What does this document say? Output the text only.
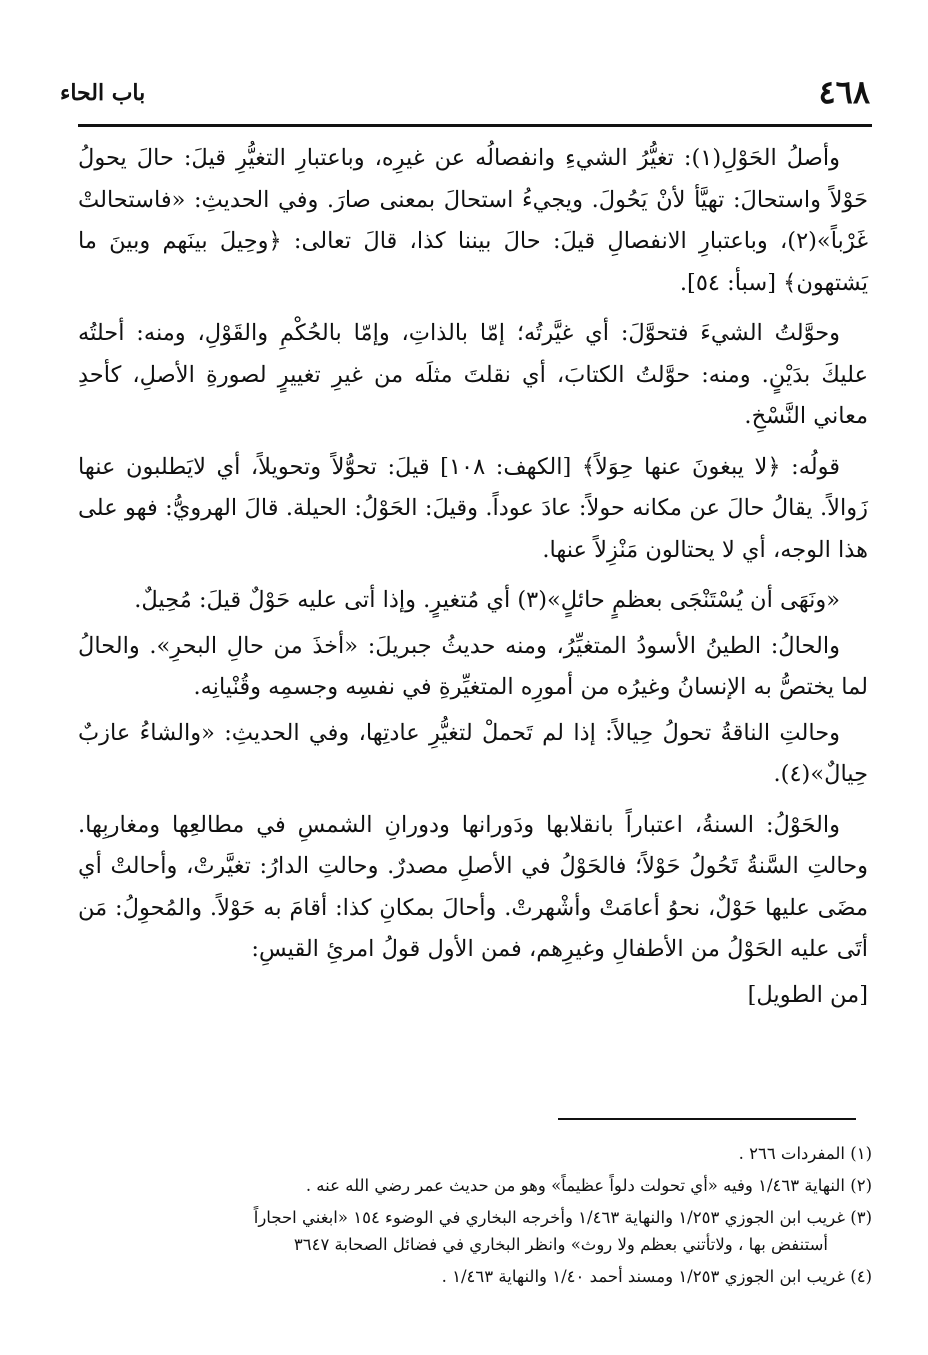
٤٦٨
باب الحاء

وأصلُ الحَوْلِ(١): تغيُّرُ الشيءِ وانفصالُه عن غيرِه، وباعتبارِ التغيُّرِ قيلَ: حالَ يحولُ حَوْلاً واستحالَ: تهيَّأ لأنْ يَحُولَ. ويجيءُ استحالَ بمعنى صارَ. وفي الحديثِ: «فاستحالتْ غَرْباً»(٢)، وباعتبارِ الانفصالِ قيلَ: حالَ بيننا كذا، قالَ تعالى: ﴿وحِيلَ بينَهم وبينَ ما يَشتهون﴾ [سبأ: ٥٤].

وحوَّلتُ الشيءَ فتحوَّلَ: أي غيَّرتُه؛ إمّا بالذاتِ، وإمّا بالحُكْمِ والقَوْلِ، ومنه: أحلتُه عليكَ بدَيْنٍ. ومنه: حوَّلتُ الكتابَ، أي نقلتَ مثلَه من غيرِ تغييرٍ لصورةِ الأصلِ، كأحدِ معاني النَّسْخِ.

قولُه: ﴿لا يبغونَ عنها حِوَلاً﴾ [الكهف: ١٠٨] قيلَ: تحوُّلاً وتحويلاً، أي لايَطلبون عنها زَوالاً. يقالُ حالَ عن مكانه حولاً: عادَ عوداً. وقيلَ: الحَوْلُ: الحيلة. قالَ الهرويُّ: فهو على هذا الوجه، أي لا يحتالون مَنْزِلاً عنها.

«ونَهَى أن يُسْتَنْجَى بعظمٍ حائلٍ»(٣) أي مُتغيرٍ. وإذا أتى عليه حَوْلٌ قيلَ: مُحِيلٌ.

والحالُ: الطينُ الأسودُ المتغيِّرُ، ومنه حديثُ جبريلَ: «أخذَ من حالِ البحرِ». والحالُ لما يختصُّ به الإنسانُ وغيرُه من أمورِه المتغيِّرةِ في نفسِه وجسمِه وقُنْيانِه.

وحالتِ الناقةُ تحولُ حِيالاً: إذا لم تَحملْ لتغيُّرِ عادتِها، وفي الحديثِ: «والشاءُ عازبٌ حِيالٌ»(٤).

والحَوْلُ: السنةُ، اعتباراً بانقلابها ودَورانها ودورانِ الشمسِ في مطالعِها ومغاربِها. وحالتِ السَّنةُ تَحُولُ حَوْلاً؛ فالحَوْلُ في الأصلِ مصدرٌ. وحالتِ الدارُ: تغيَّرتْ، وأحالتْ أي مضَى عليها حَوْلٌ، نحوُ أعامَتْ وأشْهرتْ. وأحالَ بمكانِ كذا: أقامَ به حَوْلاً. والمُحوِلُ: مَن أتَى عليه الحَوْلُ من الأطفالِ وغيرِهم، فمن الأول قولُ امرئِ القيسِ:

[من الطويل]

(١) المفردات ٢٦٦ .

(٢) النهاية ١/٤٦٣ وفيه «أي تحولت دلواً عظيماً» وهو من حديث عمر رضي الله عنه .

(٣) غريب ابن الجوزي ١/٢٥٣ والنهاية ١/٤٦٣ وأخرجه البخاري في الوضوء ١٥٤ «ابغني احجاراً
أستنفض بها ، ولاتأتني بعظم ولا روث» وانظر البخاري في فضائل الصحابة ٣٦٤٧

(٤) غريب ابن الجوزي ١/٢٥٣ ومسند أحمد ١/٤٠ والنهاية ١/٤٦٣ .
